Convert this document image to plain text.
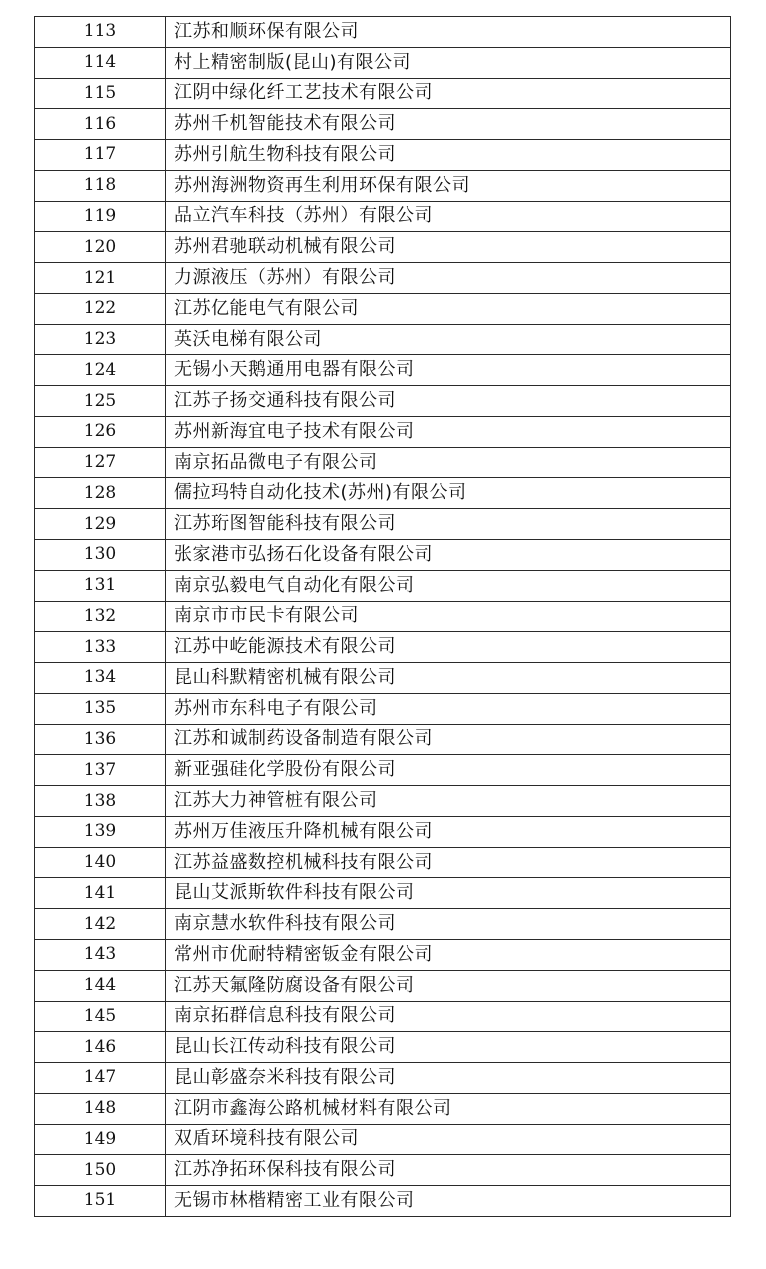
113	江苏和顺环保有限公司
114	村上精密制版(昆山)有限公司
115	江阴中绿化纤工艺技术有限公司
116	苏州千机智能技术有限公司
117	苏州引航生物科技有限公司
118	苏州海洲物资再生利用环保有限公司
119	品立汽车科技（苏州）有限公司
120	苏州君驰联动机械有限公司
121	力源液压（苏州）有限公司
122	江苏亿能电气有限公司
123	英沃电梯有限公司
124	无锡小天鹅通用电器有限公司
125	江苏子扬交通科技有限公司
126	苏州新海宜电子技术有限公司
127	南京拓品微电子有限公司
128	儒拉玛特自动化技术(苏州)有限公司
129	江苏珩图智能科技有限公司
130	张家港市弘扬石化设备有限公司
131	南京弘毅电气自动化有限公司
132	南京市市民卡有限公司
133	江苏中屹能源技术有限公司
134	昆山科默精密机械有限公司
135	苏州市东科电子有限公司
136	江苏和诚制药设备制造有限公司
137	新亚强硅化学股份有限公司
138	江苏大力神管桩有限公司
139	苏州万佳液压升降机械有限公司
140	江苏益盛数控机械科技有限公司
141	昆山艾派斯软件科技有限公司
142	南京慧水软件科技有限公司
143	常州市优耐特精密钣金有限公司
144	江苏天氟隆防腐设备有限公司
145	南京拓群信息科技有限公司
146	昆山长江传动科技有限公司
147	昆山彰盛奈米科技有限公司
148	江阴市鑫海公路机械材料有限公司
149	双盾环境科技有限公司
150	江苏净拓环保科技有限公司
151	无锡市林楷精密工业有限公司
